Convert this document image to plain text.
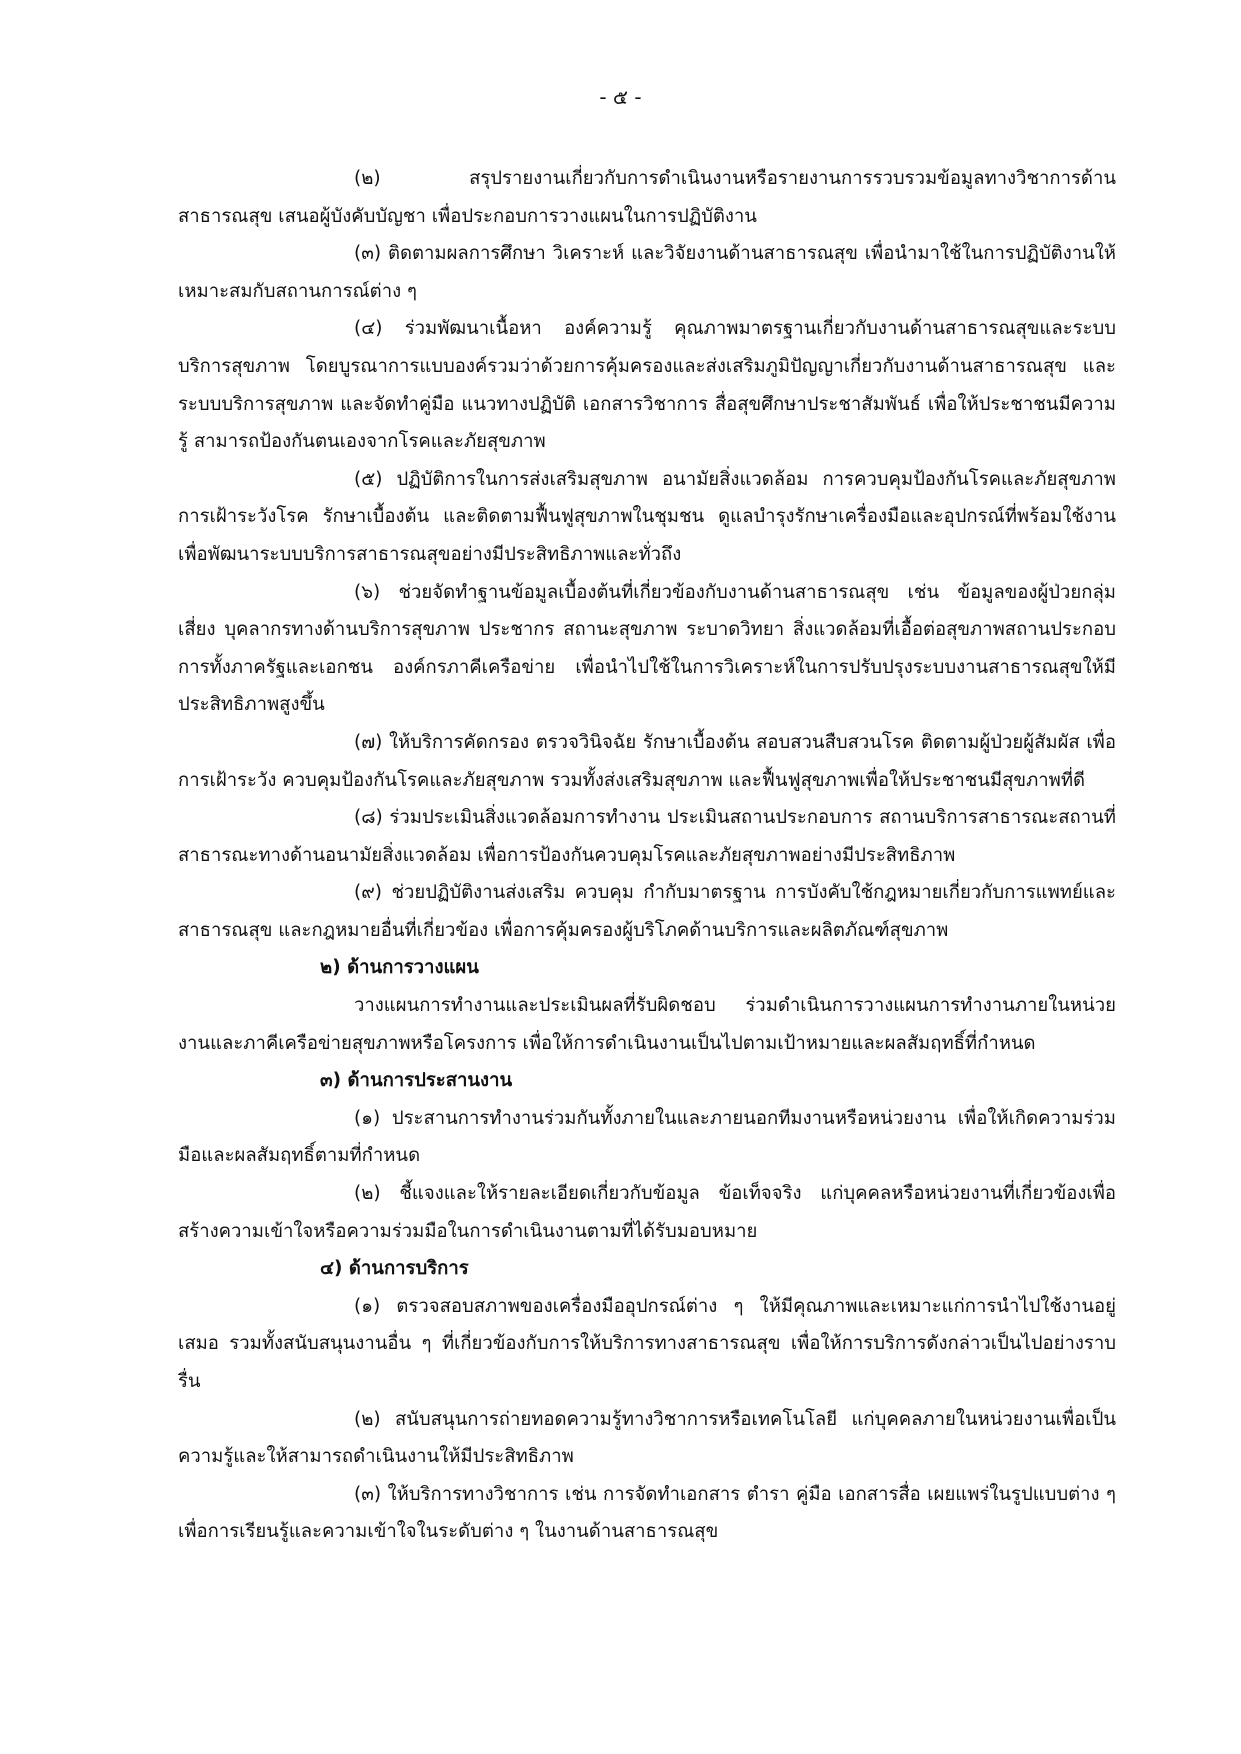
- ๕ -

(๒) สรุปรายงานเกี่ยวกับการดำเนินงานหรือรายงานการรวบรวมข้อมูลทางวิชาการด้านสาธารณสุข เสนอผู้บังคับบัญชา เพื่อประกอบการวางแผนในการปฏิบัติงาน

(๓) ติดตามผลการศึกษา วิเคราะห์ และวิจัยงานด้านสาธารณสุข เพื่อนำมาใช้ในการปฏิบัติงานให้เหมาะสมกับสถานการณ์ต่าง ๆ

(๔) ร่วมพัฒนาเนื้อหา องค์ความรู้ คุณภาพมาตรฐานเกี่ยวกับงานด้านสาธารณสุขและระบบบริการสุขภาพ โดยบูรณาการแบบองค์รวมว่าด้วยการคุ้มครองและส่งเสริมภูมิปัญญาเกี่ยวกับงานด้านสาธารณสุข และระบบบริการสุขภาพ และจัดทำคู่มือ แนวทางปฏิบัติ เอกสารวิชาการ สื่อสุขศึกษาประชาสัมพันธ์ เพื่อให้ประชาชนมีความรู้ สามารถป้องกันตนเองจากโรคและภัยสุขภาพ

(๕) ปฏิบัติการในการส่งเสริมสุขภาพ อนามัยสิ่งแวดล้อม การควบคุมป้องกันโรคและภัยสุขภาพ การเฝ้าระวังโรค รักษาเบื้องต้น และติดตามฟื้นฟูสุขภาพในชุมชน ดูแลบำรุงรักษาเครื่องมือและอุปกรณ์ที่พร้อมใช้งาน เพื่อพัฒนาระบบบริการสาธารณสุขอย่างมีประสิทธิภาพและทั่วถึง

(๖) ช่วยจัดทำฐานข้อมูลเบื้องต้นที่เกี่ยวข้องกับงานด้านสาธารณสุข เช่น ข้อมูลของผู้ป่วยกลุ่มเสี่ยง บุคลากรทางด้านบริการสุขภาพ ประชากร สถานะสุขภาพ ระบาดวิทยา สิ่งแวดล้อมที่เอื้อต่อสุขภาพสถานประกอบการทั้งภาครัฐและเอกชน องค์กรภาคีเครือข่าย เพื่อนำไปใช้ในการวิเคราะห์ในการปรับปรุงระบบงานสาธารณสุขให้มีประสิทธิภาพสูงขึ้น

(๗) ให้บริการคัดกรอง ตรวจวินิจฉัย รักษาเบื้องต้น สอบสวนสืบสวนโรค ติดตามผู้ป่วยผู้สัมผัส เพื่อการเฝ้าระวัง ควบคุมป้องกันโรคและภัยสุขภาพ รวมทั้งส่งเสริมสุขภาพ และฟื้นฟูสุขภาพเพื่อให้ประชาชนมีสุขภาพที่ดี

(๘) ร่วมประเมินสิ่งแวดล้อมการทำงาน ประเมินสถานประกอบการ สถานบริการสาธารณะสถานที่สาธารณะทางด้านอนามัยสิ่งแวดล้อม เพื่อการป้องกันควบคุมโรคและภัยสุขภาพอย่างมีประสิทธิภาพ

(๙) ช่วยปฏิบัติงานส่งเสริม ควบคุม กำกับมาตรฐาน การบังคับใช้กฎหมายเกี่ยวกับการแพทย์และสาธารณสุข และกฎหมายอื่นที่เกี่ยวข้อง เพื่อการคุ้มครองผู้บริโภคด้านบริการและผลิตภัณฑ์สุขภาพ

๒) ด้านการวางแผน

วางแผนการทำงานและประเมินผลที่รับผิดชอบ ร่วมดำเนินการวางแผนการทำงานภายในหน่วยงานและภาคีเครือข่ายสุขภาพหรือโครงการ เพื่อให้การดำเนินงานเป็นไปตามเป้าหมายและผลสัมฤทธิ์ที่กำหนด

๓) ด้านการประสานงาน

(๑) ประสานการทำงานร่วมกันทั้งภายในและภายนอกทีมงานหรือหน่วยงาน เพื่อให้เกิดความร่วมมือและผลสัมฤทธิ์ตามที่กำหนด

(๒) ชี้แจงและให้รายละเอียดเกี่ยวกับข้อมูล ข้อเท็จจริง แก่บุคคลหรือหน่วยงานที่เกี่ยวข้องเพื่อสร้างความเข้าใจหรือความร่วมมือในการดำเนินงานตามที่ได้รับมอบหมาย

๔) ด้านการบริการ

(๑) ตรวจสอบสภาพของเครื่องมืออุปกรณ์ต่าง ๆ ให้มีคุณภาพและเหมาะแก่การนำไปใช้งานอยู่เสมอ รวมทั้งสนับสนุนงานอื่น ๆ ที่เกี่ยวข้องกับการให้บริการทางสาธารณสุข เพื่อให้การบริการดังกล่าวเป็นไปอย่างราบรื่น

(๒) สนับสนุนการถ่ายทอดความรู้ทางวิชาการหรือเทคโนโลยี แก่บุคคลภายในหน่วยงานเพื่อเป็นความรู้และให้สามารถดำเนินงานให้มีประสิทธิภาพ

(๓) ให้บริการทางวิชาการ เช่น การจัดทำเอกสาร ตำรา คู่มือ เอกสารสื่อ เผยแพร่ในรูปแบบต่าง ๆเพื่อการเรียนรู้และความเข้าใจในระดับต่าง ๆ ในงานด้านสาธารณสุข
